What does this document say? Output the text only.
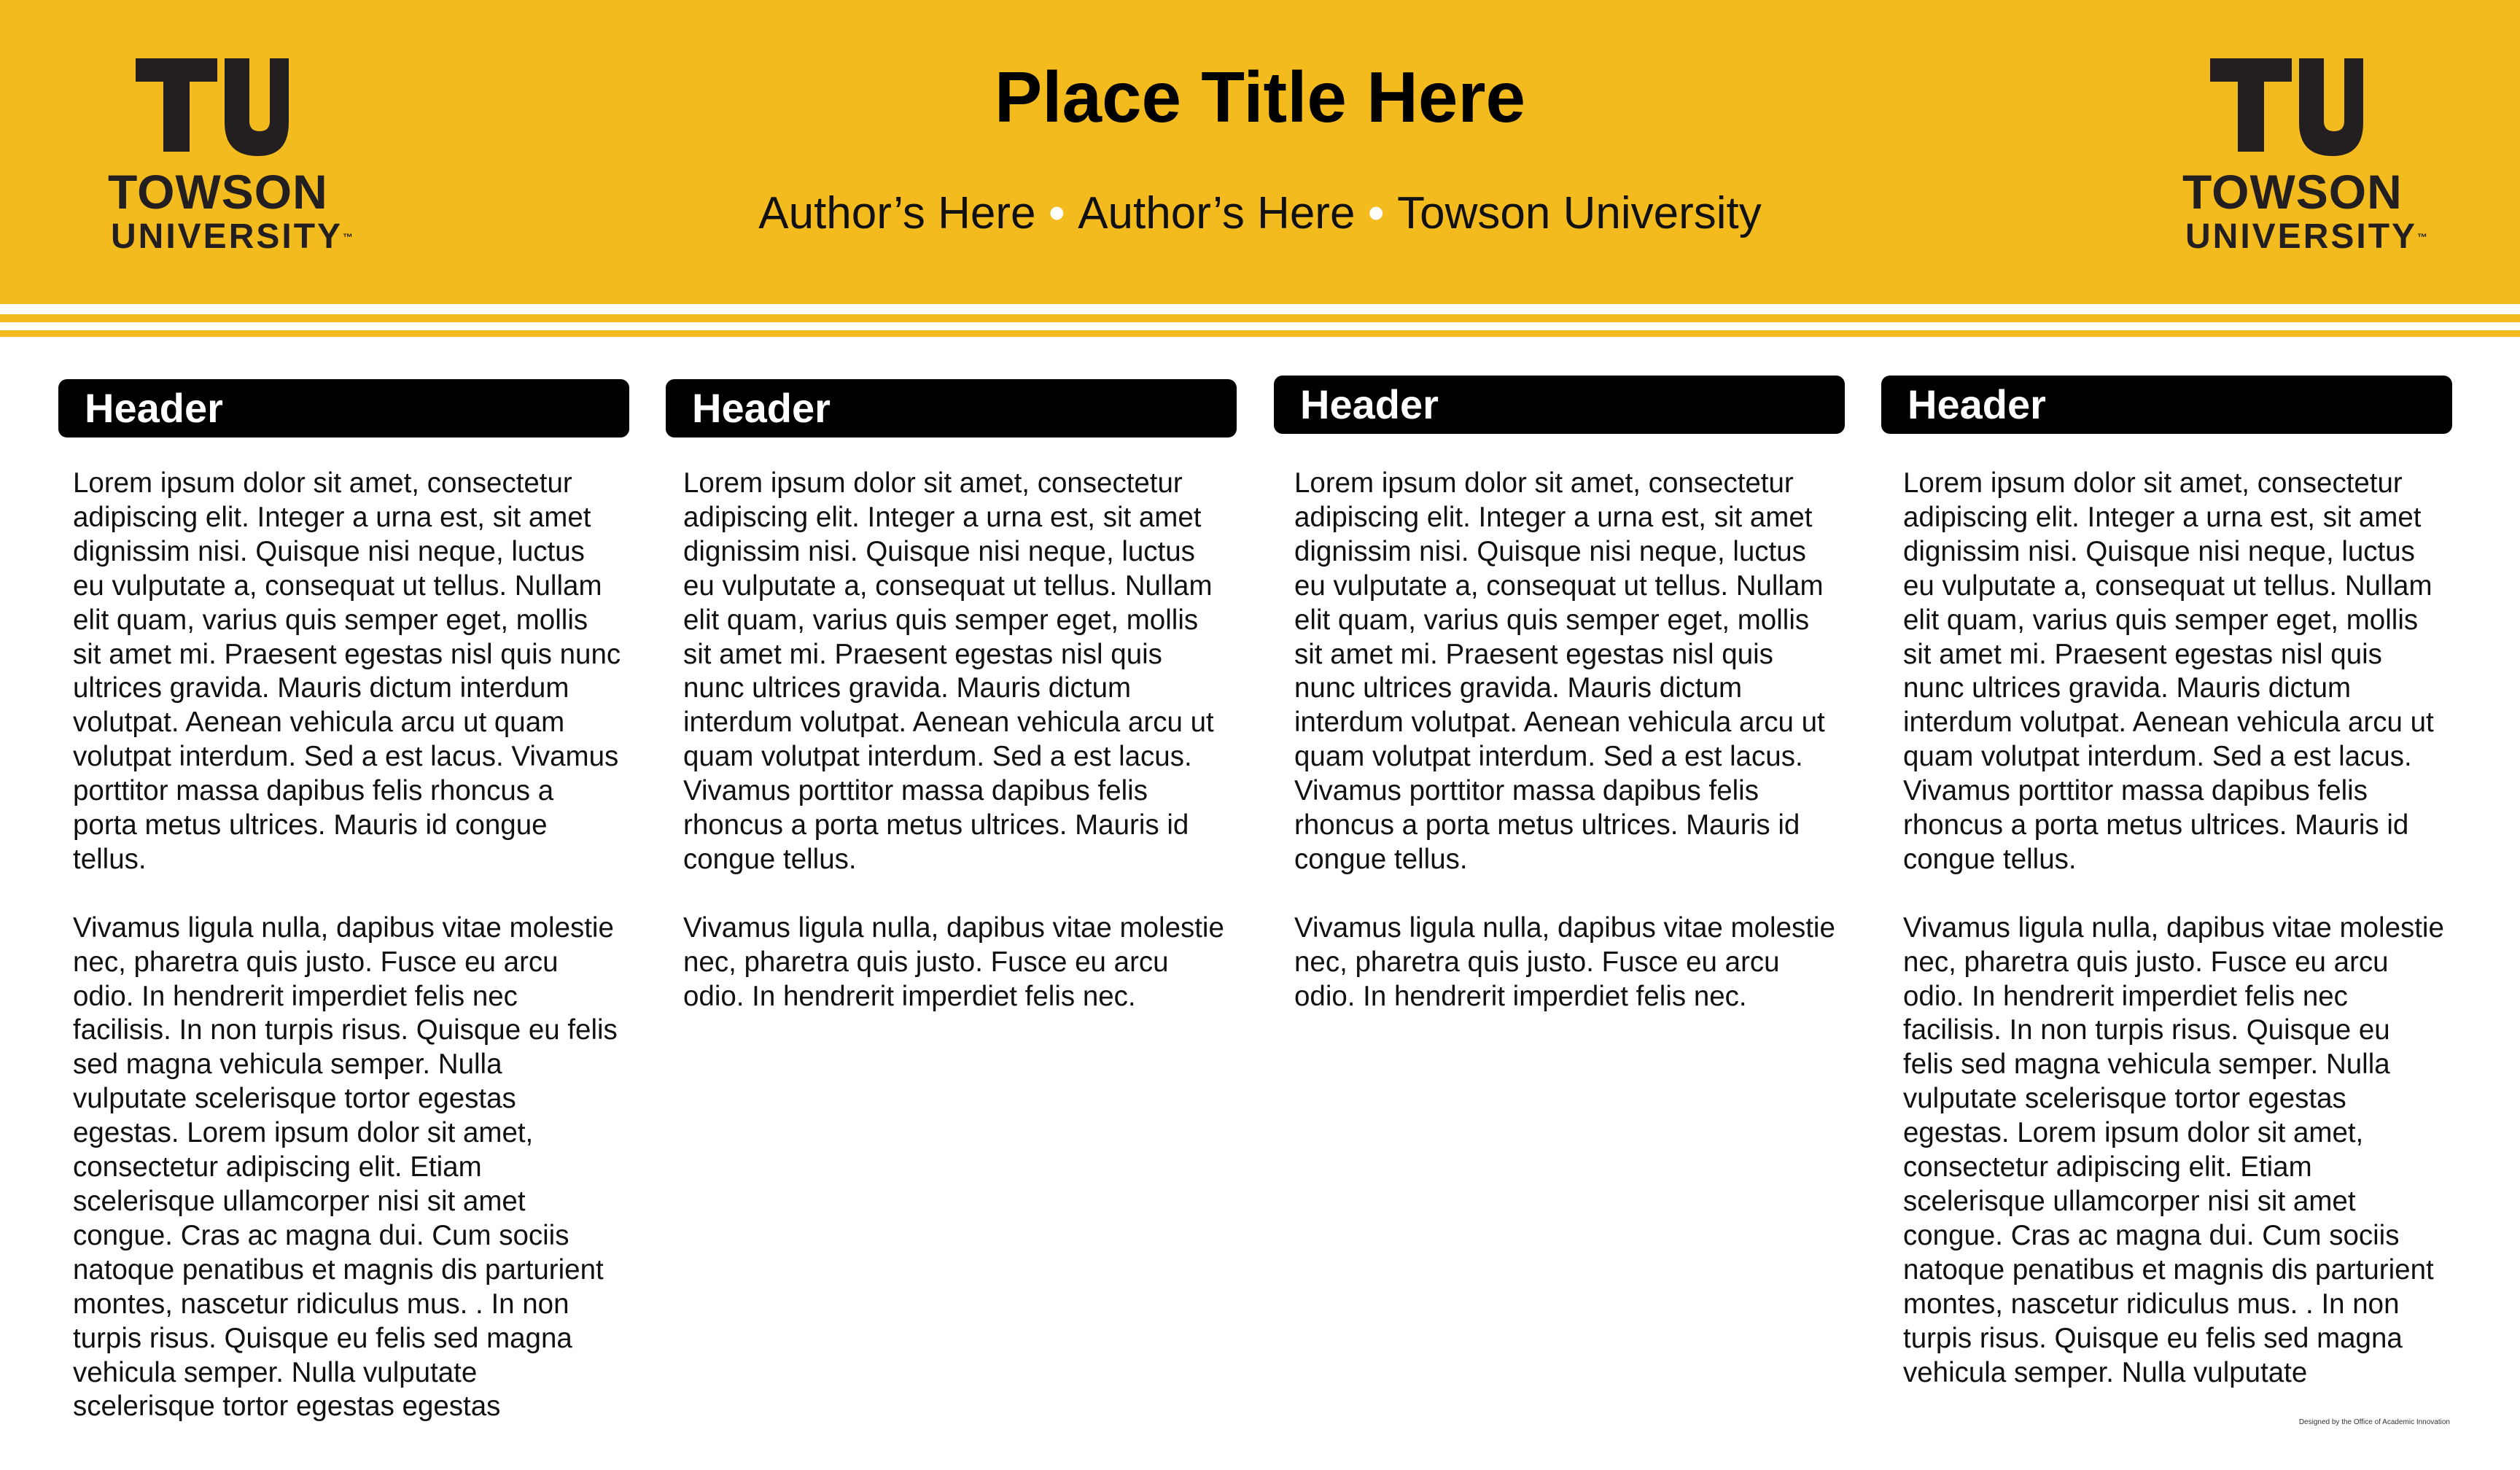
TOWSON
UNIVERSITY™
TOWSON
UNIVERSITY™
Place Title Here
Author’s Here • Author’s Here • Towson University
Header

Lorem ipsum dolor sit amet, consectetur adipiscing elit. Integer a urna est, sit amet dignissim nisi. Quisque nisi neque, luctus eu vulputate a, consequat ut tellus. Nullam elit quam, varius quis semper eget, mollis sit amet mi. Praesent egestas nisl quis nunc ultrices gravida. Mauris dictum interdum volutpat. Aenean vehicula arcu ut quam volutpat interdum. Sed a est lacus. Vivamus porttitor massa dapibus felis rhoncus a porta metus ultrices. Mauris id congue tellus.

Vivamus ligula nulla, dapibus vitae molestie nec, pharetra quis justo. Fusce eu arcu odio. In hendrerit imperdiet felis nec facilisis. In non turpis risus. Quisque eu felis sed magna vehicula semper. Nulla vulputate scelerisque tortor egestas egestas. Lorem ipsum dolor sit amet, consectetur adipiscing elit. Etiam scelerisque ullamcorper nisi sit amet congue. Cras ac magna dui. Cum sociis natoque penatibus et magnis dis parturient montes, nascetur ridiculus mus. . In non turpis risus. Quisque eu felis sed magna vehicula semper. Nulla vulputate scelerisque tortor egestas egestas

Header

Lorem ipsum dolor sit amet, consectetur adipiscing elit. Integer a urna est, sit amet dignissim nisi. Quisque nisi neque, luctus eu vulputate a, consequat ut tellus. Nullam elit quam, varius quis semper eget, mollis sit amet mi. Praesent egestas nisl quis nunc ultrices gravida. Mauris dictum interdum volutpat. Aenean vehicula arcu ut quam volutpat interdum. Sed a est lacus. Vivamus porttitor massa dapibus felis rhoncus a porta metus ultrices. Mauris id congue tellus.

Vivamus ligula nulla, dapibus vitae molestie nec, pharetra quis justo. Fusce eu arcu odio. In hendrerit imperdiet felis nec.

Header

Lorem ipsum dolor sit amet, consectetur adipiscing elit. Integer a urna est, sit amet dignissim nisi. Quisque nisi neque, luctus eu vulputate a, consequat ut tellus. Nullam elit quam, varius quis semper eget, mollis sit amet mi. Praesent egestas nisl quis nunc ultrices gravida. Mauris dictum interdum volutpat. Aenean vehicula arcu ut quam volutpat interdum. Sed a est lacus. Vivamus porttitor massa dapibus felis rhoncus a porta metus ultrices. Mauris id congue tellus.

Vivamus ligula nulla, dapibus vitae molestie nec, pharetra quis justo. Fusce eu arcu odio. In hendrerit imperdiet felis nec.

Header

Lorem ipsum dolor sit amet, consectetur adipiscing elit. Integer a urna est, sit amet dignissim nisi. Quisque nisi neque, luctus eu vulputate a, consequat ut tellus. Nullam elit quam, varius quis semper eget, mollis sit amet mi. Praesent egestas nisl quis nunc ultrices gravida. Mauris dictum interdum volutpat. Aenean vehicula arcu ut quam volutpat interdum. Sed a est lacus. Vivamus porttitor massa dapibus felis rhoncus a porta metus ultrices. Mauris id congue tellus.

Vivamus ligula nulla, dapibus vitae molestie nec, pharetra quis justo. Fusce eu arcu odio. In hendrerit imperdiet felis nec facilisis. In non turpis risus. Quisque eu felis sed magna vehicula semper. Nulla vulputate scelerisque tortor egestas egestas. Lorem ipsum dolor sit amet, consectetur adipiscing elit. Etiam scelerisque ullamcorper nisi sit amet congue. Cras ac magna dui. Cum sociis natoque penatibus et magnis dis parturient montes, nascetur ridiculus mus. . In non turpis risus. Quisque eu felis sed magna vehicula semper. Nulla vulputate

Designed by the Office of Academic Innovation
